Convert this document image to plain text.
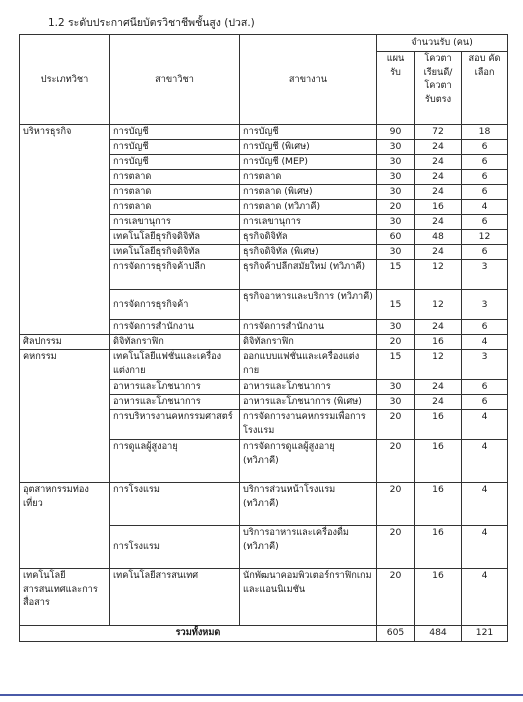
1.2 ระดับประกาศนียบัตรวิชาชีพชั้นสูง (ปวส.)
ประเภทวิชา	สาขาวิชา	สาขางาน	จำนวนรับ (คน)		
			แผน รับ	โควตา เรียนดี/ โควตา รับตรง	สอบ คัดเลือก
บริหารธุรกิจ	การบัญชี	การบัญชี	90	72	18
	การบัญชี	การบัญชี (พิเศษ)	30	24	6
	การบัญชี	การบัญชี (MEP)	30	24	6
	การตลาด	การตลาด	30	24	6
	การตลาด	การตลาด (พิเศษ)	30	24	6
	การตลาด	การตลาด (ทวิภาคี)	20	16	4
	การเลขานุการ	การเลขานุการ	30	24	6
	เทคโนโลยีธุรกิจดิจิทัล	ธุรกิจดิจิทัล	60	48	12
	เทคโนโลยีธุรกิจดิจิทัล	ธุรกิจดิจิทัล (พิเศษ)	30	24	6
	การจัดการธุรกิจค้าปลีก	ธุรกิจค้าปลีกสมัยใหม่ (ทวิภาคี)	15	12	3
	การจัดการธุรกิจค้า	ธุรกิจอาหารและบริการ (ทวิภาคี)	15	12	3
	การจัดการสำนักงาน	การจัดการสำนักงาน	30	24	6
ศิลปกรรม	ดิจิทัลกราฟิก	ดิจิทัลกราฟิก	20	16	4
คหกรรม	เทคโนโลยีแฟชั่นและเครื่องแต่งกาย	ออกแบบแฟชั่นและเครื่องแต่งกาย	15	12	3
	อาหารและโภชนาการ	อาหารและโภชนาการ	30	24	6
	อาหารและโภชนาการ	อาหารและโภชนาการ (พิเศษ)	30	24	6
	การบริหารงานคหกรรมศาสตร์	การจัดการงานคหกรรมเพื่อการโรงแรม	20	16	4
	การดูแลผู้สูงอายุ	การจัดการดูแลผู้สูงอายุ (ทวิภาคี)	20	16	4
อุตสาหกรรมท่องเที่ยว	การโรงแรม	บริการส่วนหน้าโรงแรม (ทวิภาคี)	20	16	4
	การโรงแรม	บริการอาหารและเครื่องดื่ม (ทวิภาคี)	20	16	4
เทคโนโลยีสารสนเทศและการสื่อสาร	เทคโนโลยีสารสนเทศ	นักพัฒนาคอมพิวเตอร์กราฟิกเกม และแอนนิเมชัน	20	16	4
รวมทั้งหมด			605	484	121
